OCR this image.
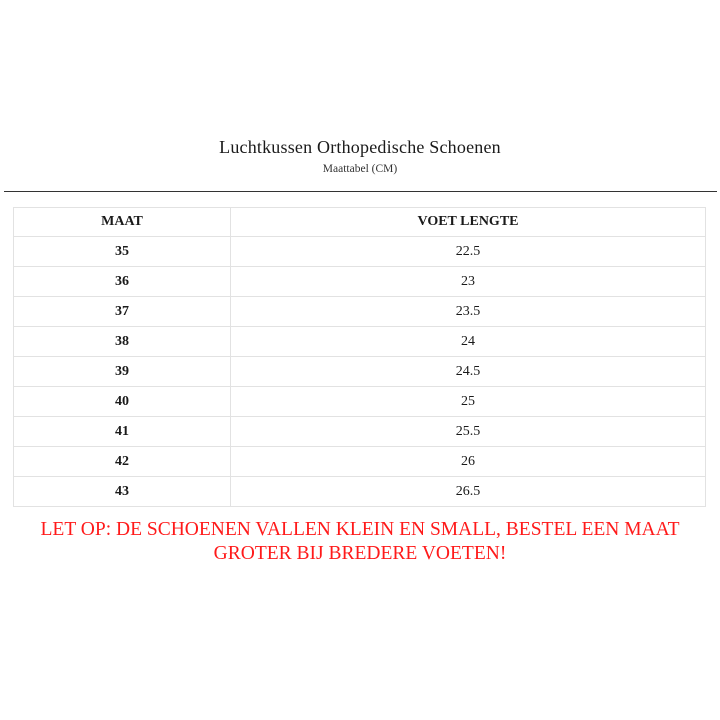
Luchtkussen Orthopedische Schoenen
Maattabel (CM)
MAAT	VOET LENGTE
35	22.5
36	23
37	23.5
38	24
39	24.5
40	25
41	25.5
42	26
43	26.5
LET OP: DE SCHOENEN VALLEN KLEIN EN SMALL, BESTEL EEN MAAT
GROTER BIJ BREDERE VOETEN!
